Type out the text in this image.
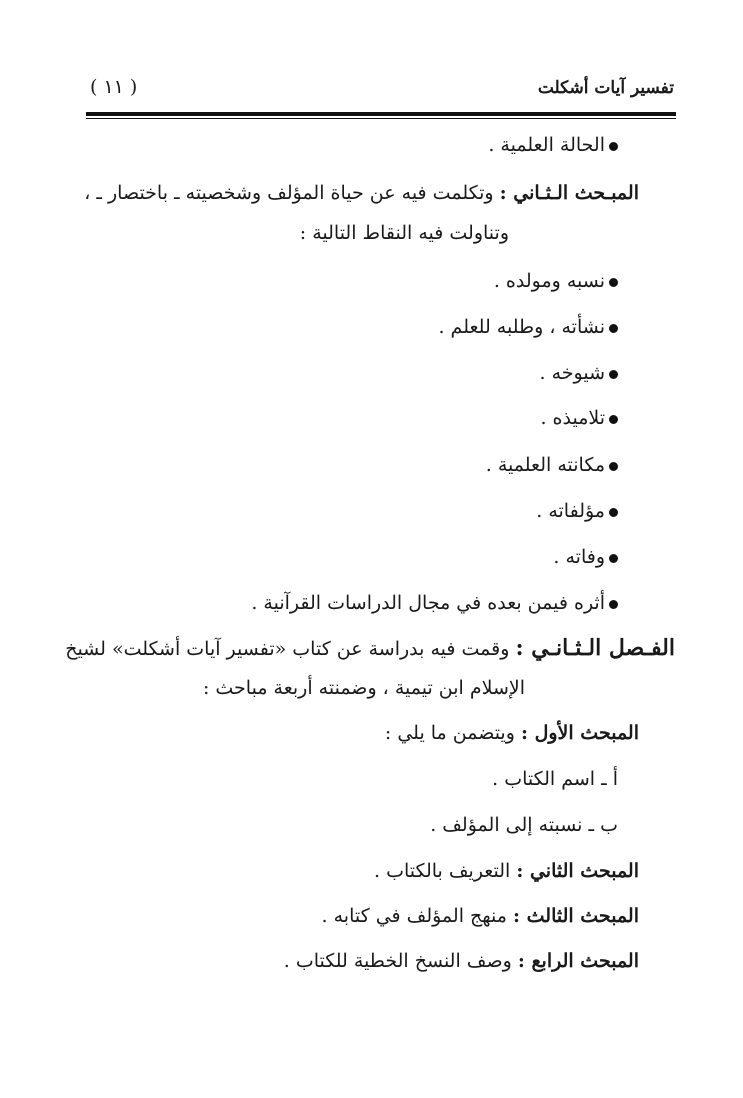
( ١١ )	تفسير آيات أشكلت
الحالة العلمية .
المبـحث الـثـاني : وتكلمت فيه عن حياة المؤلف وشخصيته ـ باختصار ـ ،
وتناولت فيه النقاط التالية :
نسبه ومولده .
نشأته ، وطلبه للعلم .
شيوخه .
تلاميذه .
مكانته العلمية .
مؤلفاته .
وفاته .
أثره فيمن بعده في مجال الدراسات القرآنية .
الفـصل الـثـانـي : وقمت فيه بدراسة عن كتاب «تفسير آيات أشكلت» لشيخ
الإسلام ابن تيمية ، وضمنته أربعة مباحث :
المبحث الأول : ويتضمن ما يلي :
أ ـ اسم الكتاب .
ب ـ نسبته إلى المؤلف .
المبحث الثاني : التعريف بالكتاب .
المبحث الثالث : منهج المؤلف في كتابه .
المبحث الرابع : وصف النسخ الخطية للكتاب .
